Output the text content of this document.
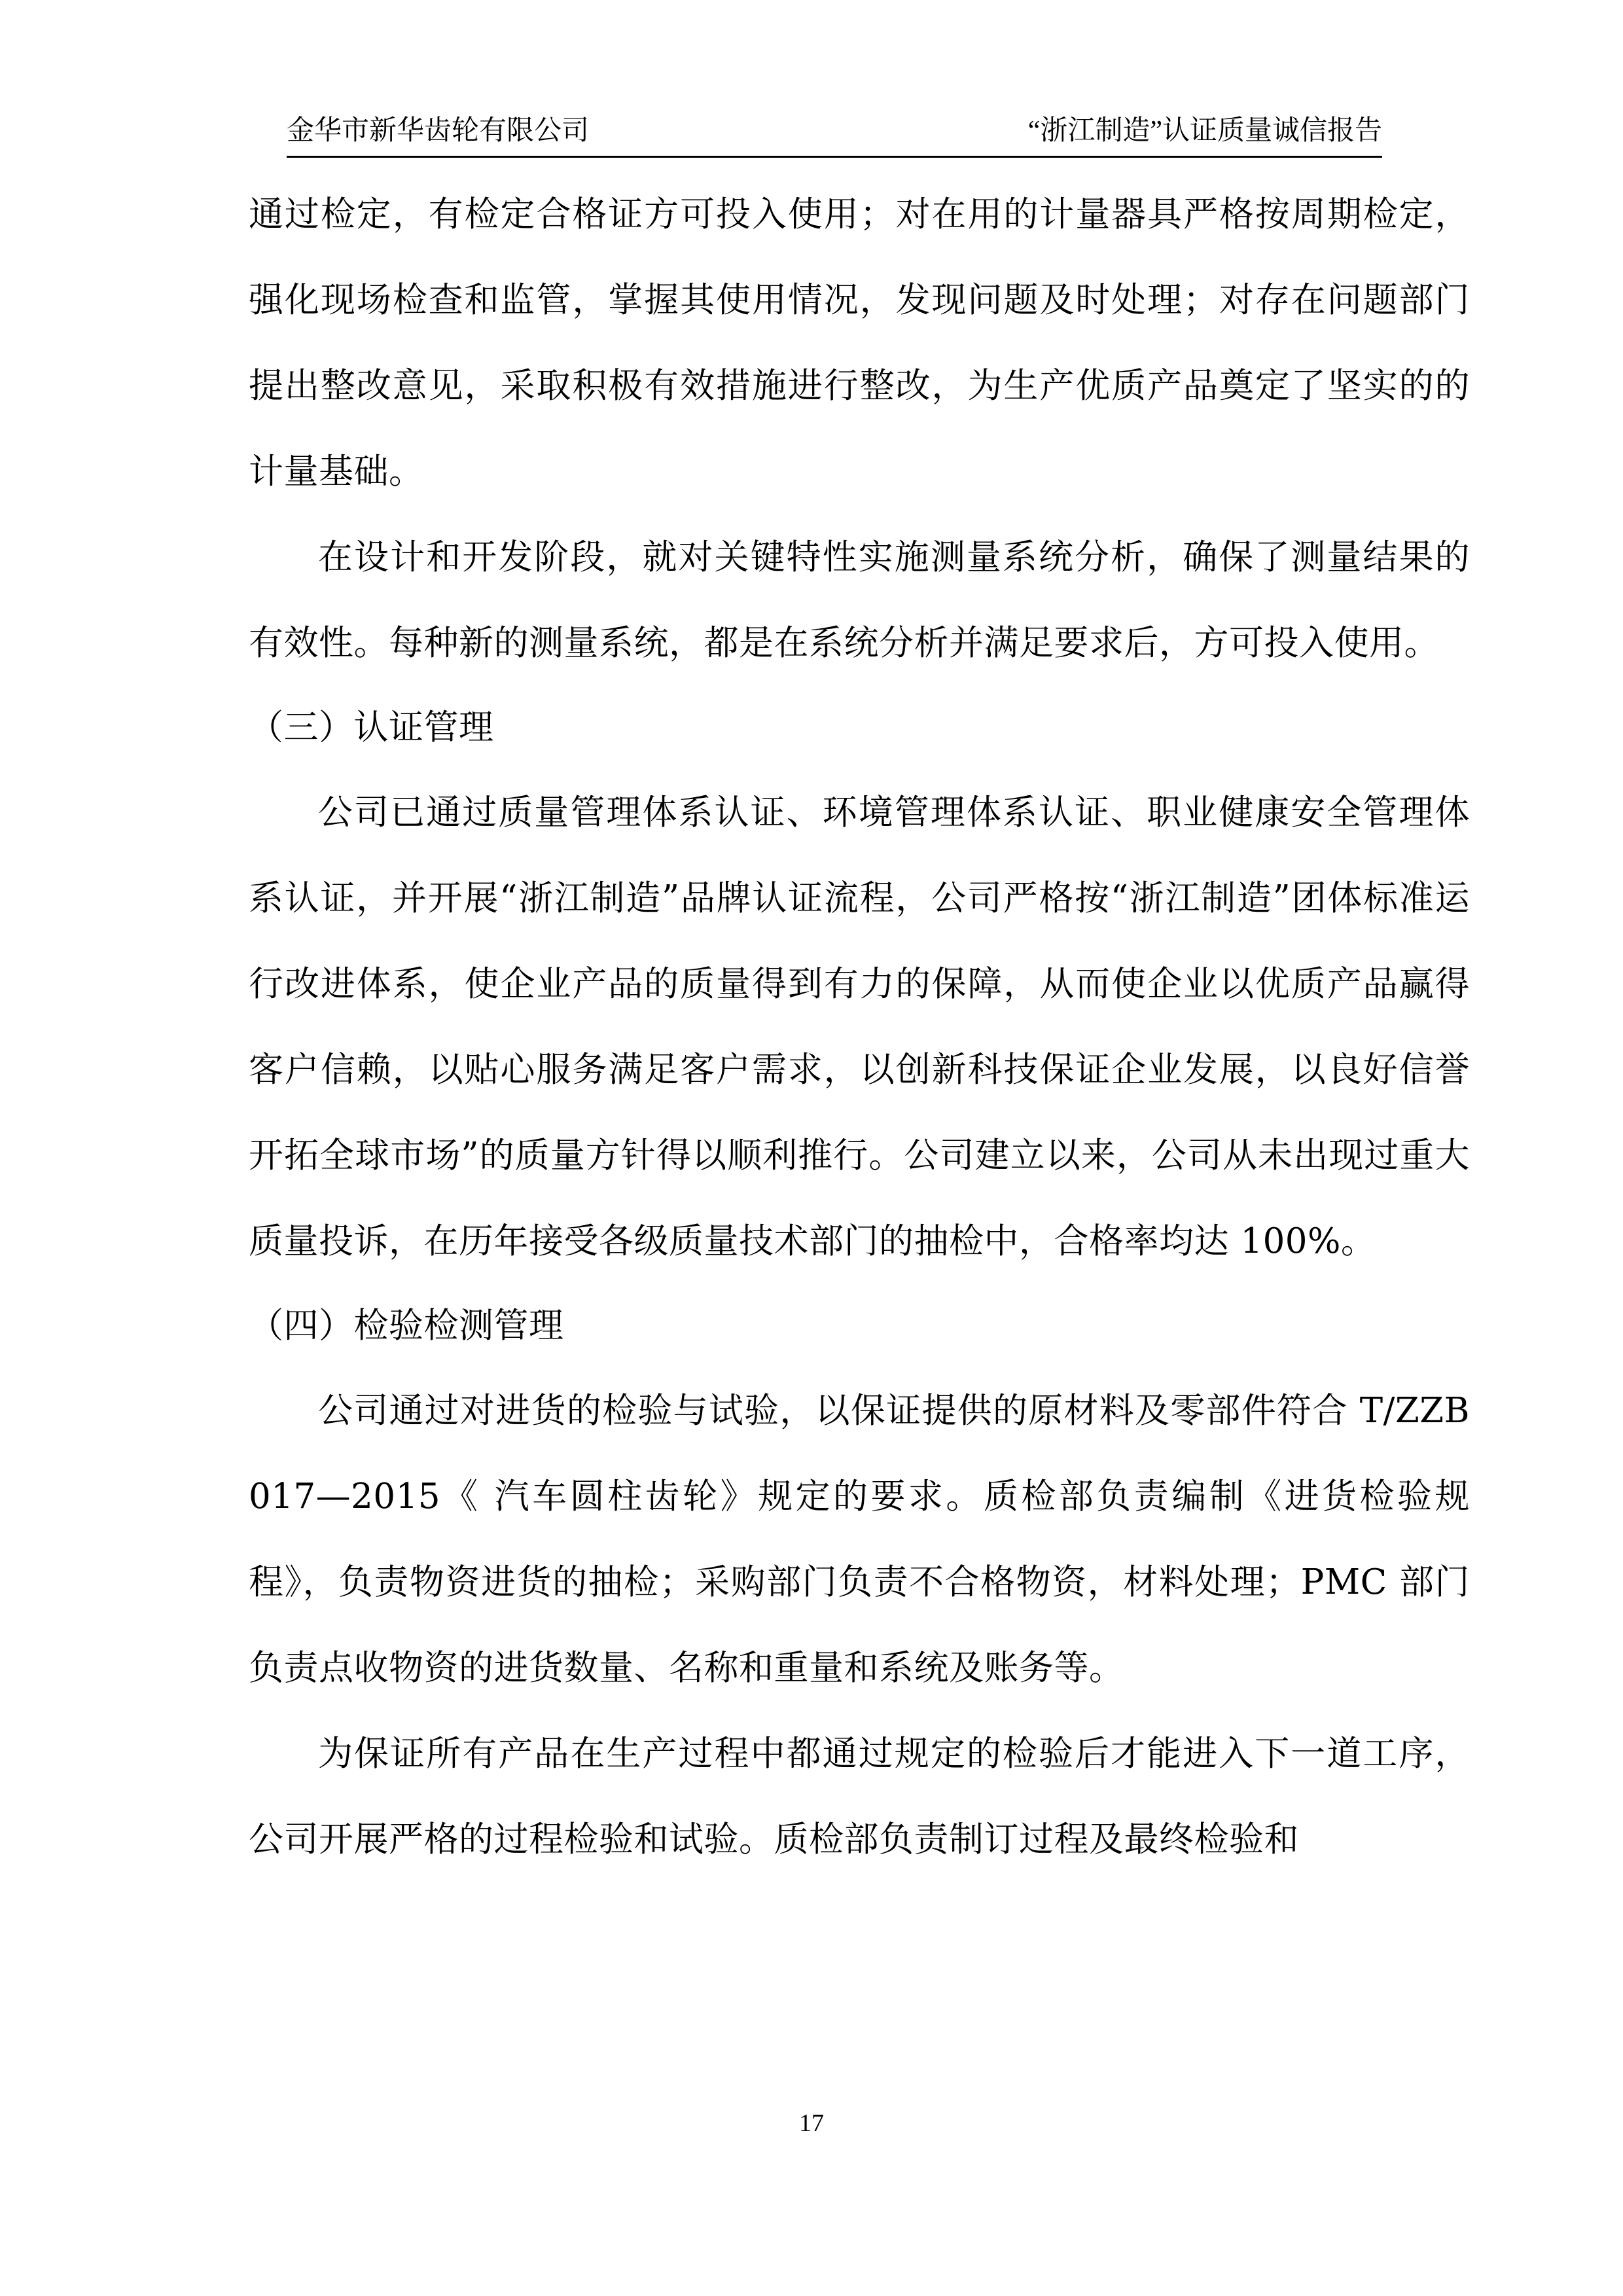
金华市新华齿轮有限公司	“浙江制造”认证质量诚信报告

通过检定，有检定合格证方可投入使用；对在用的计量器具严格按周期检定，强化现场检查和监管，掌握其使用情况，发现问题及时处理；对存在问题部门提出整改意见，采取积极有效措施进行整改，为生产优质产品奠定了坚实的的计量基础。

在设计和开发阶段，就对关键特性实施测量系统分析，确保了测量结果的有效性。每种新的测量系统，都是在系统分析并满足要求后，方可投入使用。

（三）认证管理

公司已通过质量管理体系认证、环境管理体系认证、职业健康安全管理体系认证，并开展“浙江制造”品牌认证流程，公司严格按“浙江制造”团体标准运行改进体系，使企业产品的质量得到有力的保障，从而使企业以优质产品赢得客户信赖，以贴心服务满足客户需求，以创新科技保证企业发展，以良好信誉开拓全球市场”的质量方针得以顺利推行。公司建立以来，公司从未出现过重大质量投诉，在历年接受各级质量技术部门的抽检中，合格率均达 100%。

（四）检验检测管理

公司通过对进货的检验与试验，以保证提供的原材料及零部件符合 T/ZZB 017—2015《 汽车圆柱齿轮》规定的要求。质检部负责编制《进货检验规程》，负责物资进货的抽检；采购部门负责不合格物资，材料处理；PMC 部门负责点收物资的进货数量、名称和重量和系统及账务等。

为保证所有产品在生产过程中都通过规定的检验后才能进入下一道工序，公司开展严格的过程检验和试验。质检部负责制订过程及最终检验和

17
